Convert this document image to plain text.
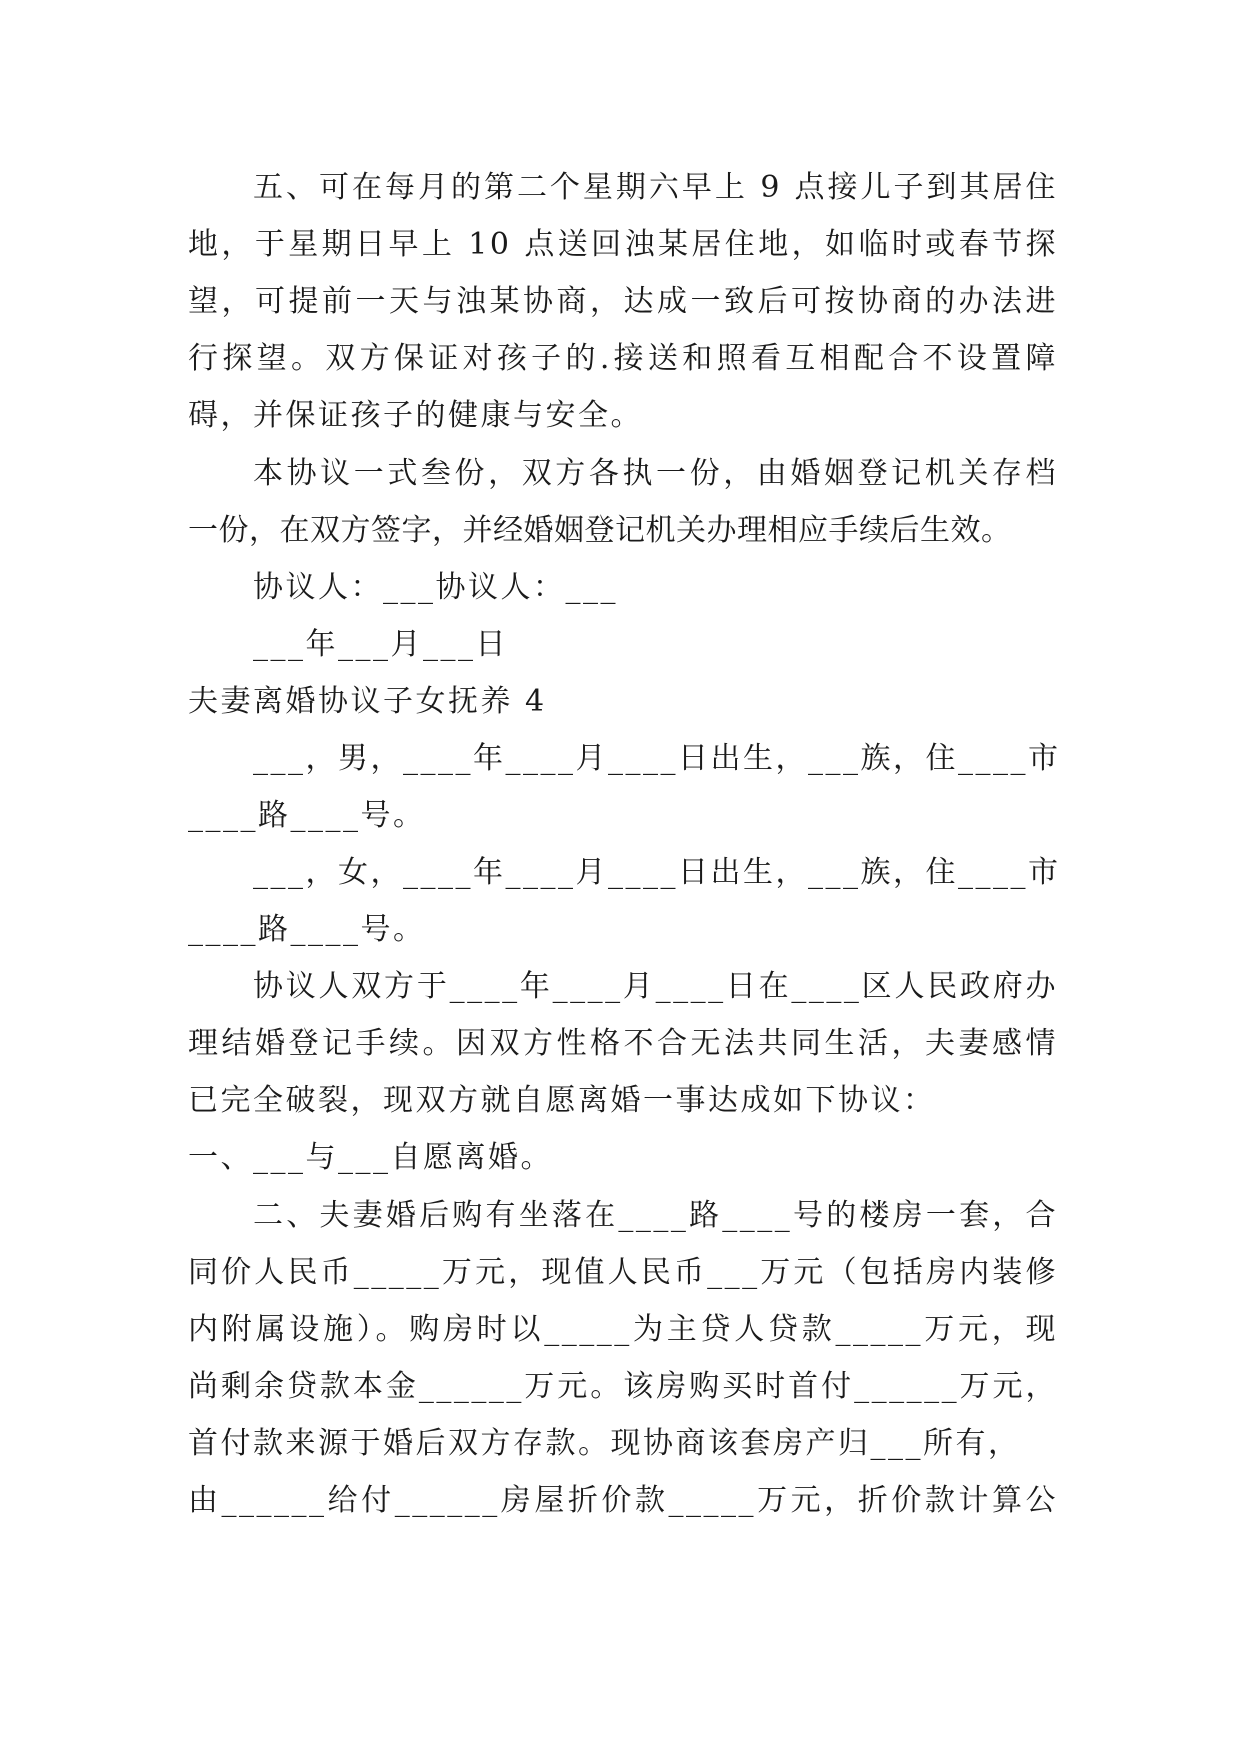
五、可在每月的第二个星期六早上 9 点接儿子到其居住
地，于星期日早上 10 点送回浊某居住地，如临时或春节探
望，可提前一天与浊某协商，达成一致后可按协商的办法进
行探望。双方保证对孩子的.接送和照看互相配合不设置障
碍，并保证孩子的健康与安全。
本协议一式叁份，双方各执一份，由婚姻登记机关存档
一份，在双方签字，并经婚姻登记机关办理相应手续后生效。
协议人：___协议人：___
___年___月___日
夫妻离婚协议子女抚养 4
___，男，____年____月____日出生，___族，住____市
____路____号。
___，女，____年____月____日出生，___族，住____市
____路____号。
协议人双方于____年____月____日在____区人民政府办
理结婚登记手续。因双方性格不合无法共同生活，夫妻感情
已完全破裂，现双方就自愿离婚一事达成如下协议：
一、___与___自愿离婚。
二、夫妻婚后购有坐落在____路____号的楼房一套，合
同价人民币_____万元，现值人民币___万元（包括房内装修
内附属设施）。购房时以_____为主贷人贷款_____万元，现
尚剩余贷款本金______万元。该房购买时首付______万元，
首付款来源于婚后双方存款。现协商该套房产归___所有，
由______给付______房屋折价款_____万元，折价款计算公
